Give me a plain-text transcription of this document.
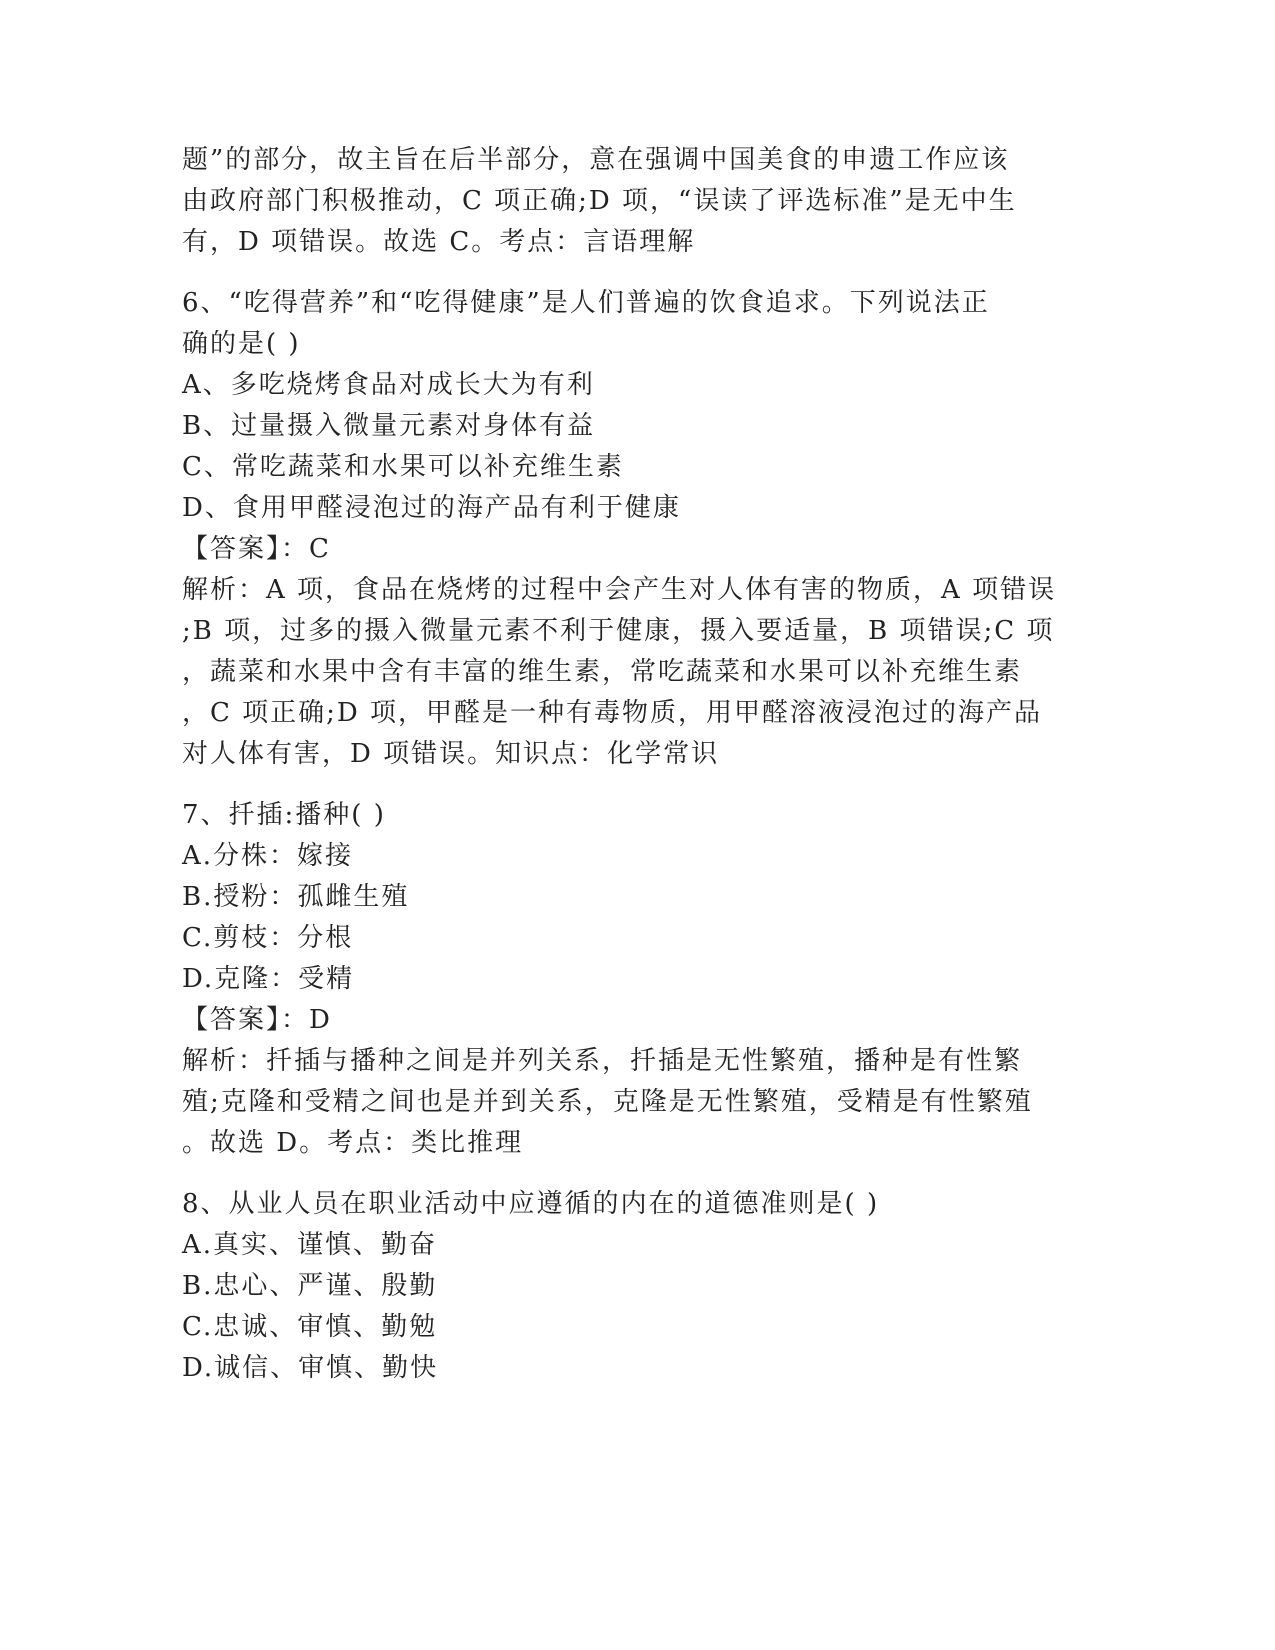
题”的部分，故主旨在后半部分，意在强调中国美食的申遗工作应该
由政府部门积极推动，C 项正确;D 项，“误读了评选标准”是无中生
有，D 项错误。故选 C。考点：言语理解
6、“吃得营养”和“吃得健康”是人们普遍的饮食追求。下列说法正
确的是( )
A、多吃烧烤食品对成长大为有利
B、过量摄入微量元素对身体有益
C、常吃蔬菜和水果可以补充维生素
D、食用甲醛浸泡过的海产品有利于健康
【答案】：C
解析：A 项，食品在烧烤的过程中会产生对人体有害的物质，A 项错误
;B 项，过多的摄入微量元素不利于健康，摄入要适量，B 项错误;C 项
，蔬菜和水果中含有丰富的维生素，常吃蔬菜和水果可以补充维生素
，C 项正确;D 项，甲醛是一种有毒物质，用甲醛溶液浸泡过的海产品
对人体有害，D 项错误。知识点：化学常识
7、扦插:播种( )
A.分株：嫁接
B.授粉：孤雌生殖
C.剪枝：分根
D.克隆：受精
【答案】：D
解析：扦插与播种之间是并列关系，扦插是无性繁殖，播种是有性繁
殖;克隆和受精之间也是并到关系，克隆是无性繁殖，受精是有性繁殖
。故选 D。考点：类比推理
8、从业人员在职业活动中应遵循的内在的道德准则是( )
A.真实、谨慎、勤奋
B.忠心、严谨、殷勤
C.忠诚、审慎、勤勉
D.诚信、审慎、勤快
